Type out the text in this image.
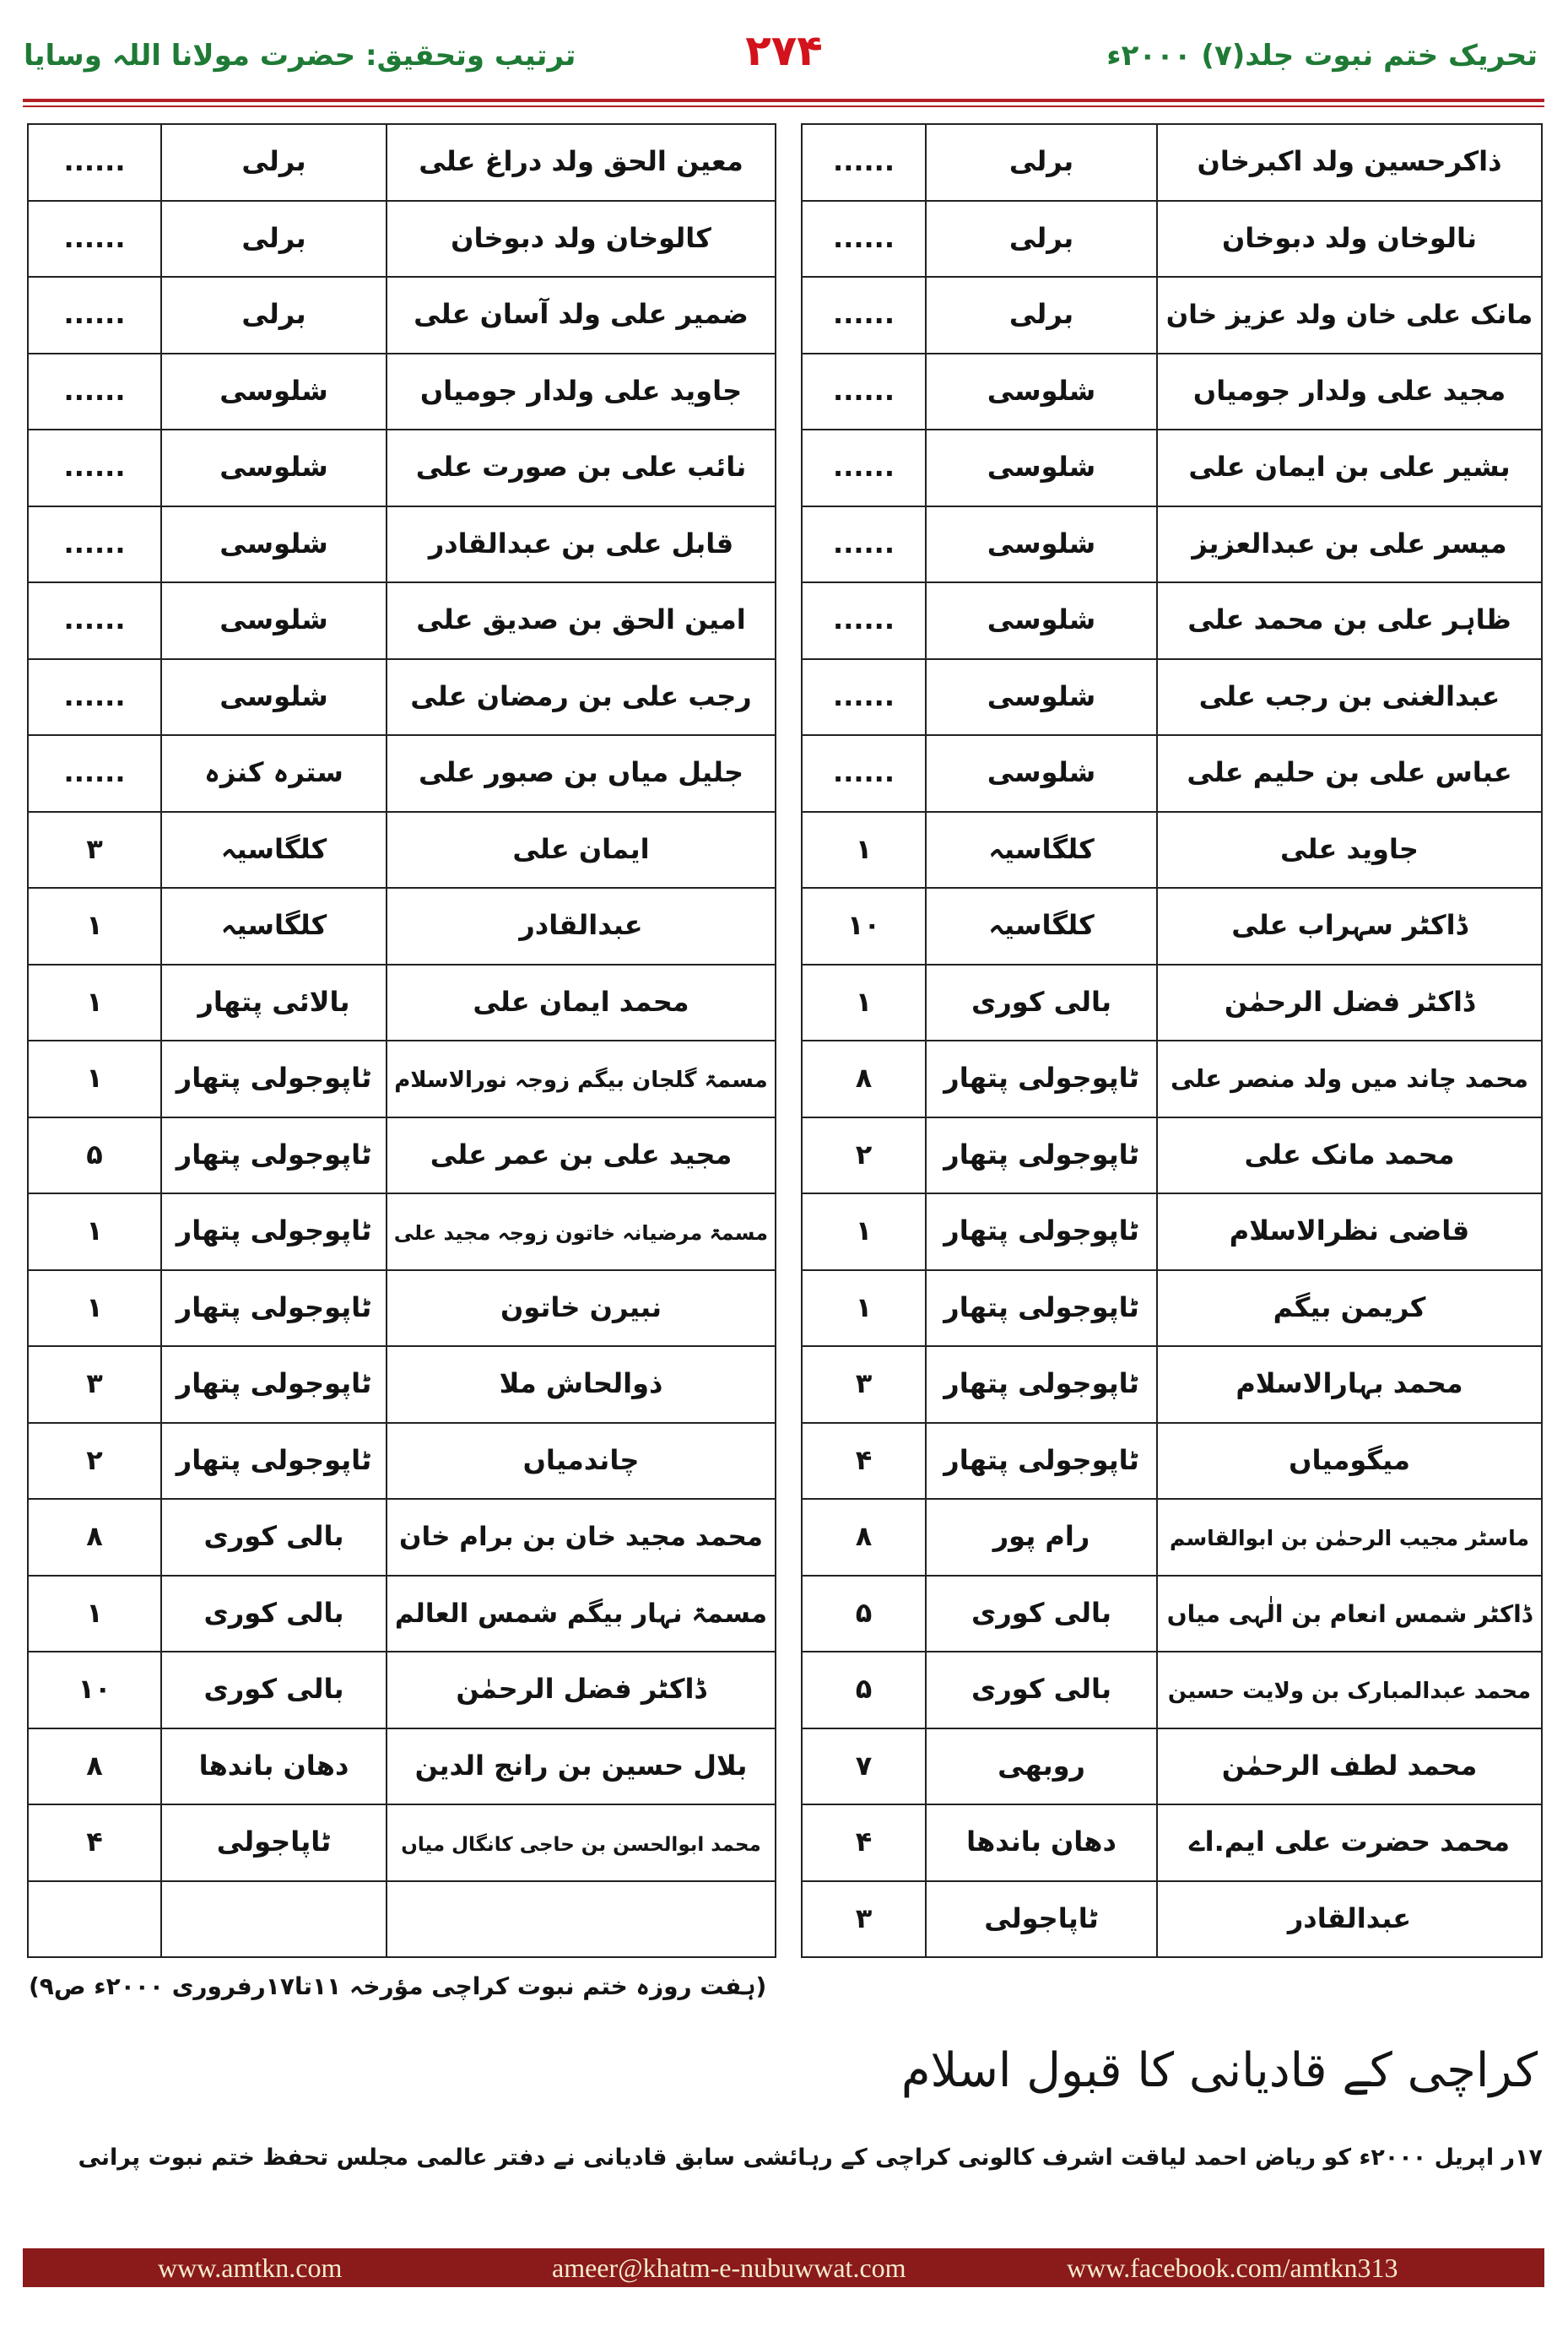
تحریک ختم نبوت جلد(۷) ۲۰۰۰ء
۲۷۴
ترتیب وتحقیق: حضرت مولانا اللہ وسایا
ذاکرحسین ولد اکبرخان	برلی	......
نالوخان ولد دبوخان	برلی	......
مانک علی خان ولد عزیز خان	برلی	......
مجید علی ولدار جومیاں	شلوسی	......
بشیر علی بن ایمان علی	شلوسی	......
میسر علی بن عبدالعزیز	شلوسی	......
ظاہر علی بن محمد علی	شلوسی	......
عبدالغنی بن رجب علی	شلوسی	......
عباس علی بن حلیم علی	شلوسی	......
جاوید علی	کلگاسیہ	۱
ڈاکٹر سہراب علی	کلگاسیہ	۱۰
ڈاکٹر فضل الرحمٰن	بالی کوری	۱
محمد چاند میں ولد منصر علی	ٹاپوجولی پتھار	۸
محمد مانک علی	ٹاپوجولی پتھار	۲
قاضی نظرالاسلام	ٹاپوجولی پتھار	۱
کریمن بیگم	ٹاپوجولی پتھار	۱
محمد بہارالاسلام	ٹاپوجولی پتھار	۳
میگومیاں	ٹاپوجولی پتھار	۴
ماسٹر مجیب الرحمٰن بن ابوالقاسم	رام پور	۸
ڈاکٹر شمس انعام بن الٰہی میاں	بالی کوری	۵
محمد عبدالمبارک بن ولایت حسین	بالی کوری	۵
محمد لطف الرحمٰن	روبھی	۷
محمد حضرت علی ایم.اے	دھان باندھا	۴
عبدالقادر	ٹاپاجولی	۳
معین الحق ولد دراغ علی	برلی	......
کالوخان ولد دبوخان	برلی	......
ضمیر علی ولد آسان علی	برلی	......
جاوید علی ولدار جومیاں	شلوسی	......
نائب علی بن صورت علی	شلوسی	......
قابل علی بن عبدالقادر	شلوسی	......
امین الحق بن صدیق علی	شلوسی	......
رجب علی بن رمضان علی	شلوسی	......
جلیل میاں بن صبور علی	سترہ کنزہ	......
ایمان علی	کلگاسیہ	۳
عبدالقادر	کلگاسیہ	۱
محمد ایمان علی	بالائی پتھار	۱
مسمۃ گلجان بیگم زوجہ نورالاسلام	ٹاپوجولی پتھار	۱
مجید علی بن عمر علی	ٹاپوجولی پتھار	۵
مسمۃ مرضیانہ خاتون زوجہ مجید علی	ٹاپوجولی پتھار	۱
نبیرن خاتون	ٹاپوجولی پتھار	۱
ذوالحاش ملا	ٹاپوجولی پتھار	۳
چاندمیاں	ٹاپوجولی پتھار	۲
محمد مجید خان بن برام خان	بالی کوری	۸
مسمۃ نہار بیگم شمس العالم	بالی کوری	۱
ڈاکٹر فضل الرحمٰن	بالی کوری	۱۰
بلال حسین بن رانج الدین	دھان باندھا	۸
محمد ابوالحسن بن حاجی کانگال میاں	ٹاپاجولی	۴

(ہفت روزہ ختم نبوت کراچی مؤرخہ ۱۱تا۱۷رفروری ۲۰۰۰ء ص۹)
کراچی کے قادیانی کا قبول اسلام
۱۷ر اپریل ۲۰۰۰ء کو ریاض احمد لیاقت اشرف کالونی کراچی کے رہائشی سابق قادیانی نے دفتر عالمی مجلس تحفظ ختم نبوت پرانی
www.amtkn.com	ameer@khatm-e-nubuwwat.com	www.facebook.com/amtkn313
